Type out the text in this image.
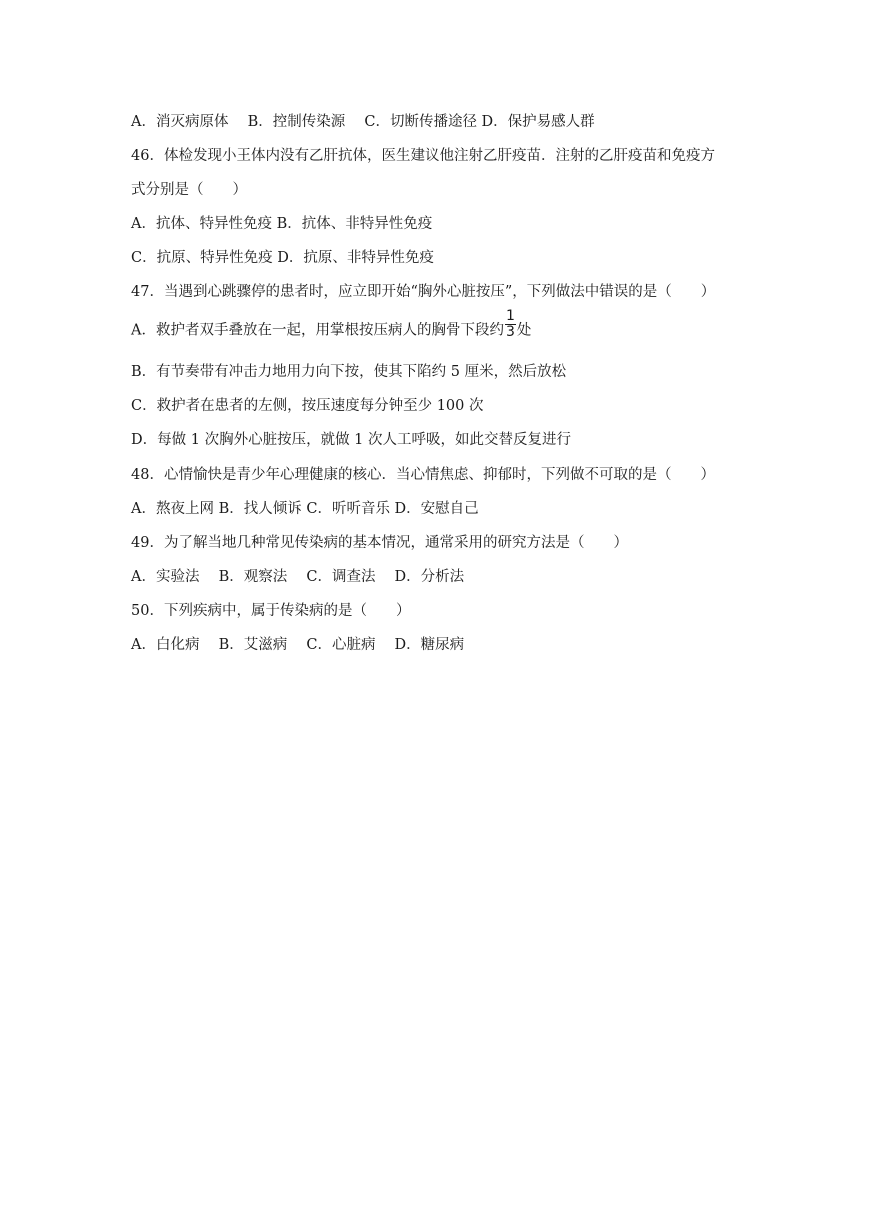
A．消灭病原体　 B．控制传染源　 C．切断传播途径 D．保护易感人群
46．体检发现小王体内没有乙肝抗体，医生建议他注射乙肝疫苗．注射的乙肝疫苗和免疫方
式分别是（　　）
A．抗体、特异性免疫 B．抗体、非特异性免疫
C．抗原、特异性免疫 D．抗原、非特异性免疫
47．当遇到心跳骤停的患者时，应立即开始“胸外心脏按压”，下列做法中错误的是（　　）
A．救护者双手叠放在一起，用掌根按压病人的胸骨下段约 $\frac{1}{3}$ 处
B．有节奏带有冲击力地用力向下按，使其下陷约 5 厘米，然后放松
C．救护者在患者的左侧，按压速度每分钟至少 100 次
D．每做 1 次胸外心脏按压，就做 1 次人工呼吸，如此交替反复进行
48．心情愉快是青少年心理健康的核心．当心情焦虑、抑郁时，下列做不可取的是（　　）
A．熬夜上网 B．找人倾诉 C．听听音乐 D．安慰自己
49．为了解当地几种常见传染病的基本情况，通常采用的研究方法是（　　）
A．实验法　 B．观察法　 C．调查法　 D．分析法
50．下列疾病中，属于传染病的是（　　）
A．白化病　 B．艾滋病　 C．心脏病　 D．糖尿病
